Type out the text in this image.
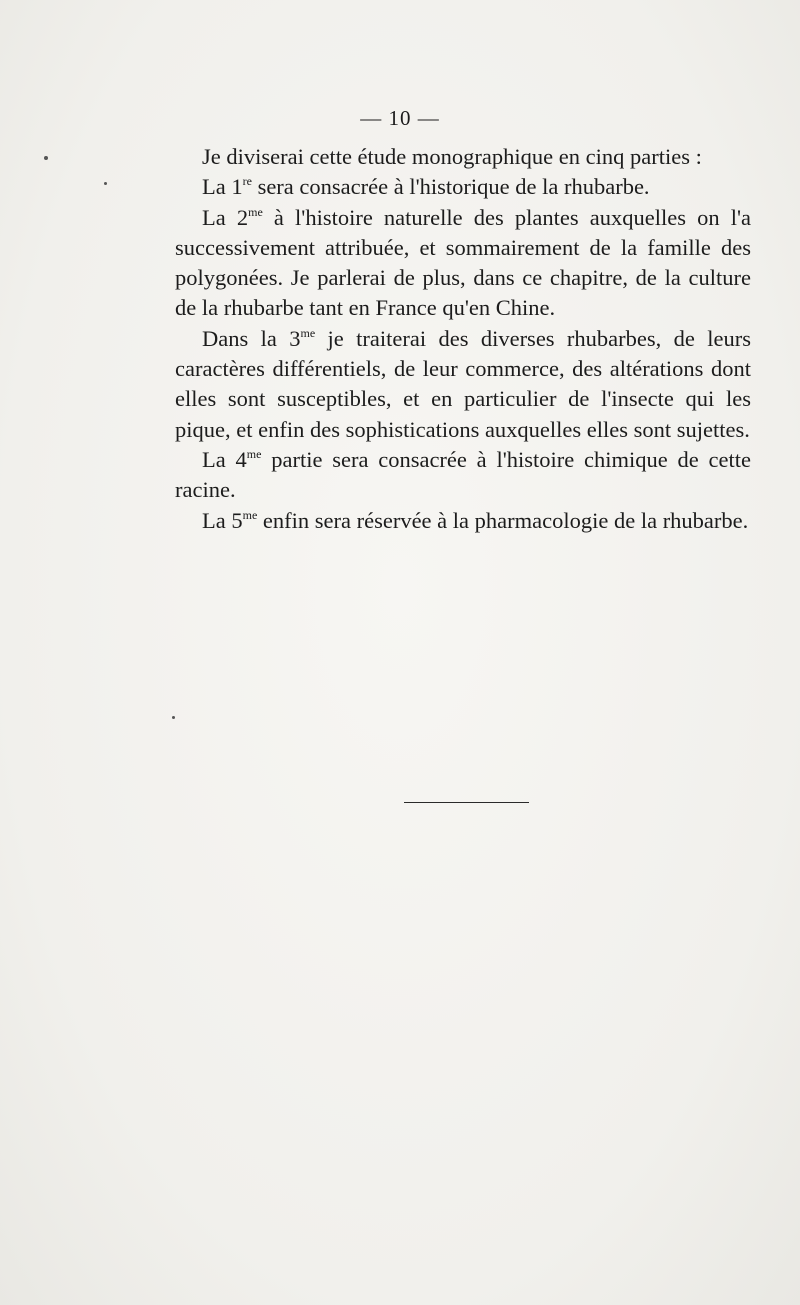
— 10 —

Je diviserai cette étude monographique en cinq parties :

La 1re sera consacrée à l'historique de la rhubarbe.

La $2^{me}$ à l'histoire naturelle des plantes auxquelles on l'a successivement attribuée, et sommairement de la famille des polygonées. Je parlerai de plus, dans ce chapitre, de la culture de la rhubarbe tant en France qu'en Chine.

Dans la $3^{me}$ je traiterai des diverses rhubarbes, de leurs caractères différentiels, de leur commerce, des altérations dont elles sont susceptibles, et en particulier de l'insecte qui les pique, et enfin des sophistications auxquelles elles sont sujettes.

La $4^{me}$ partie sera consacrée à l'histoire chimique de cette racine.

La $5^{me}$ enfin sera réservée à la pharmacologie de la rhubarbe.
